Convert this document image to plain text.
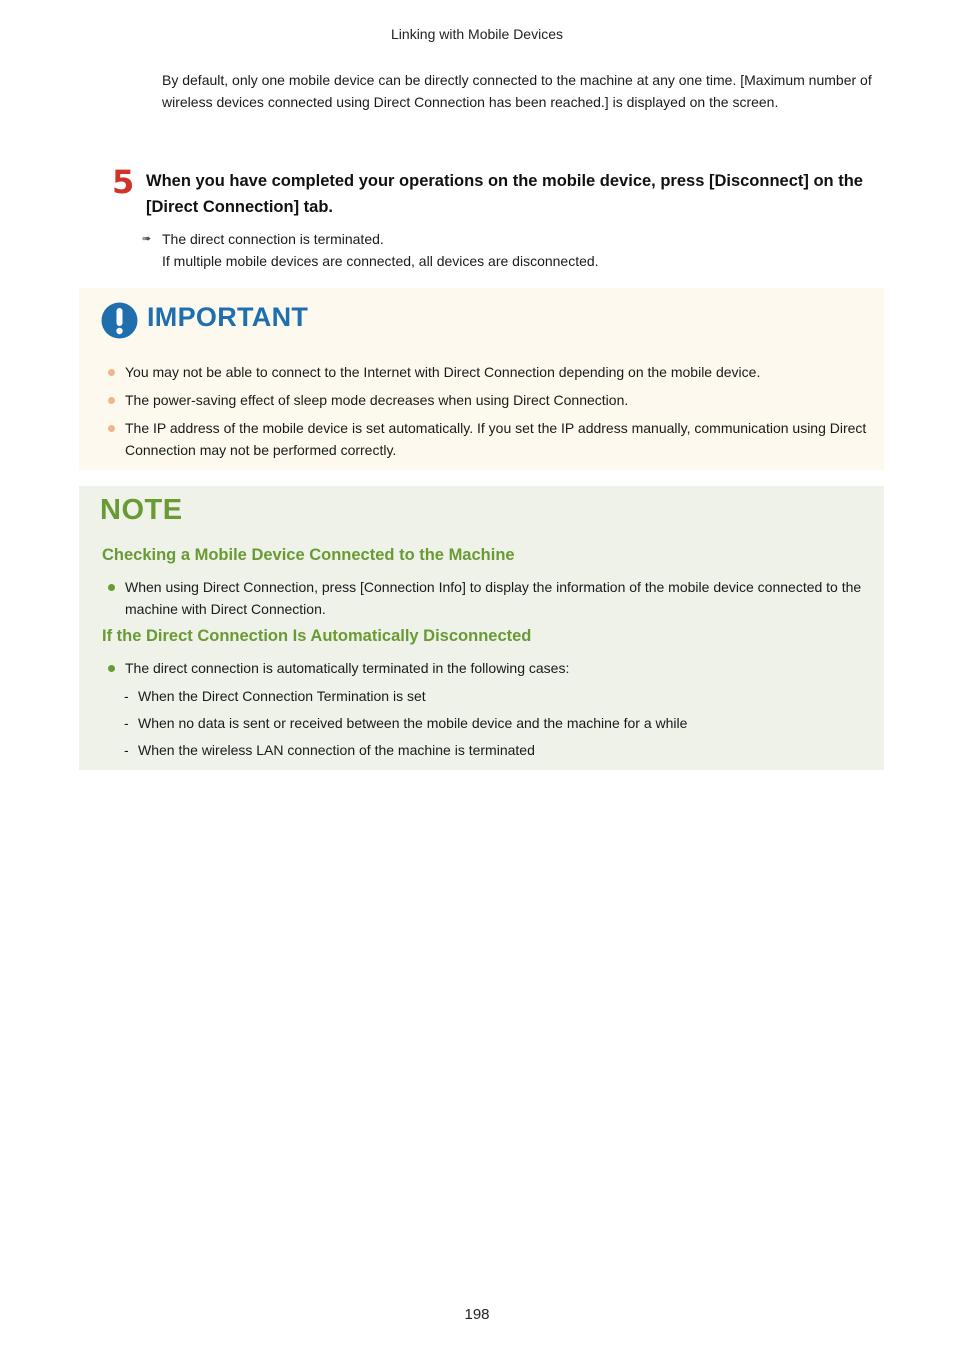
Linking with Mobile Devices
By default, only one mobile device can be directly connected to the machine at any one time. [Maximum number of wireless devices connected using Direct Connection has been reached.] is displayed on the screen.
5 When you have completed your operations on the mobile device, press [Disconnect] on the [Direct Connection] tab.
➠ The direct connection is terminated.
If multiple mobile devices are connected, all devices are disconnected.
IMPORTANT
You may not be able to connect to the Internet with Direct Connection depending on the mobile device.
The power-saving effect of sleep mode decreases when using Direct Connection.
The IP address of the mobile device is set automatically. If you set the IP address manually, communication using Direct Connection may not be performed correctly.
NOTE
Checking a Mobile Device Connected to the Machine
When using Direct Connection, press [Connection Info] to display the information of the mobile device connected to the machine with Direct Connection.
If the Direct Connection Is Automatically Disconnected
The direct connection is automatically terminated in the following cases:
- When the Direct Connection Termination is set
- When no data is sent or received between the mobile device and the machine for a while
- When the wireless LAN connection of the machine is terminated
198
